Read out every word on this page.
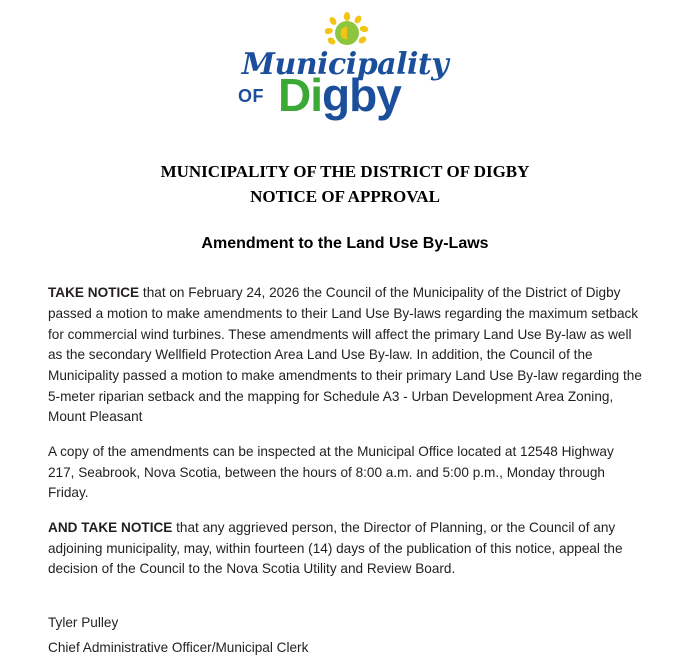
Municipality
OF Digby
MUNICIPALITY OF THE DISTRICT OF DIGBY
NOTICE OF APPROVAL
Amendment to the Land Use By-Laws

TAKE NOTICE that on February 24, 2026 the Council of the Municipality of the District of Digby passed a motion to make amendments to their Land Use By-laws regarding the maximum setback for commercial wind turbines. These amendments will affect the primary Land Use By-law as well as the secondary Wellfield Protection Area Land Use By-law. In addition, the Council of the Municipality passed a motion to make amendments to their primary Land Use By-law regarding the 5-meter riparian setback and the mapping for Schedule A3 - Urban Development Area Zoning, Mount Pleasant

A copy of the amendments can be inspected at the Municipal Office located at 12548 Highway 217, Seabrook, Nova Scotia, between the hours of 8:00 a.m. and 5:00 p.m., Monday through Friday.

AND TAKE NOTICE that any aggrieved person, the Director of Planning, or the Council of any adjoining municipality, may, within fourteen (14) days of the publication of this notice, appeal the decision of the Council to the Nova Scotia Utility and Review Board.

Tyler Pulley

Chief Administrative Officer/Municipal Clerk
